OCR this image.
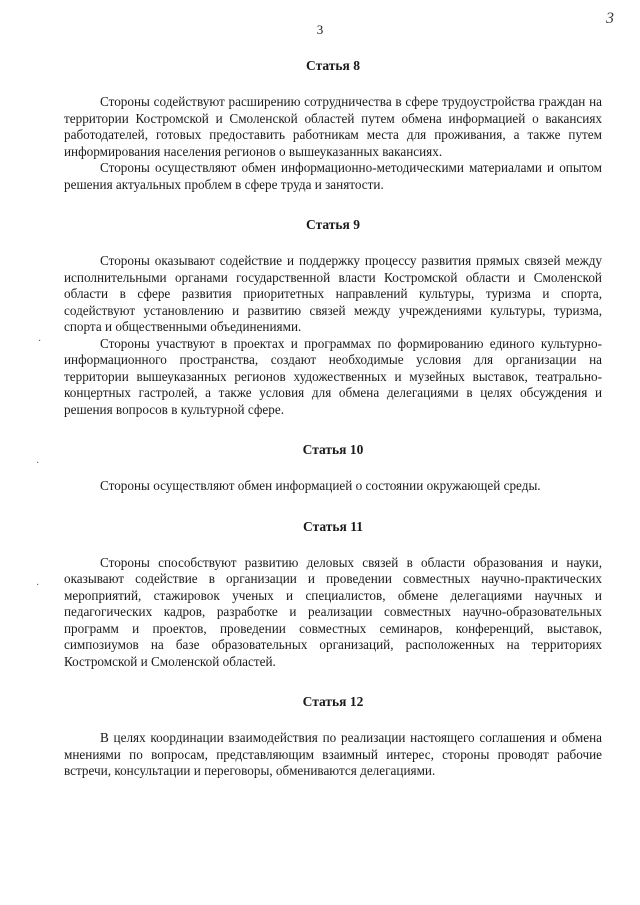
3
3
·
·
·
Статья 8

Стороны содействуют расширению сотрудничества в сфере трудоустройства граждан на территории Костромской и Смоленской областей путем обмена информацией о вакансиях работодателей, готовых предоставить работникам места для проживания, а также путем информирования населения регионов о вышеуказанных вакансиях.

Стороны осуществляют обмен информационно-методическими материалами и опытом решения актуальных проблем в сфере труда и занятости.

Статья 9

Стороны оказывают содействие и поддержку процессу развития прямых связей между исполнительными органами государственной власти Костромской области и Смоленской области в сфере развития приоритетных направлений культуры, туризма и спорта, содействуют установлению и развитию связей между учреждениями культуры, туризма, спорта и общественными объединениями.

Стороны участвуют в проектах и программах по формированию единого культурно-информационного пространства, создают необходимые условия для организации на территории вышеуказанных регионов художественных и музейных выставок, театрально-концертных гастролей, а также условия для обмена делегациями в целях обсуждения и решения вопросов в культурной сфере.

Статья 10

Стороны осуществляют обмен информацией о состоянии окружающей среды.

Статья 11

Стороны способствуют развитию деловых связей в области образования и науки, оказывают содействие в организации и проведении совместных научно-практических мероприятий, стажировок ученых и специалистов, обмене делегациями научных и педагогических кадров, разработке и реализации совместных научно-образовательных программ и проектов, проведении совместных семинаров, конференций, выставок, симпозиумов на базе образовательных организаций, расположенных на территориях Костромской и Смоленской областей.

Статья 12

В целях координации взаимодействия по реализации настоящего соглашения и обмена мнениями по вопросам, представляющим взаимный интерес, стороны проводят рабочие встречи, консультации и переговоры, обмениваются делегациями.
